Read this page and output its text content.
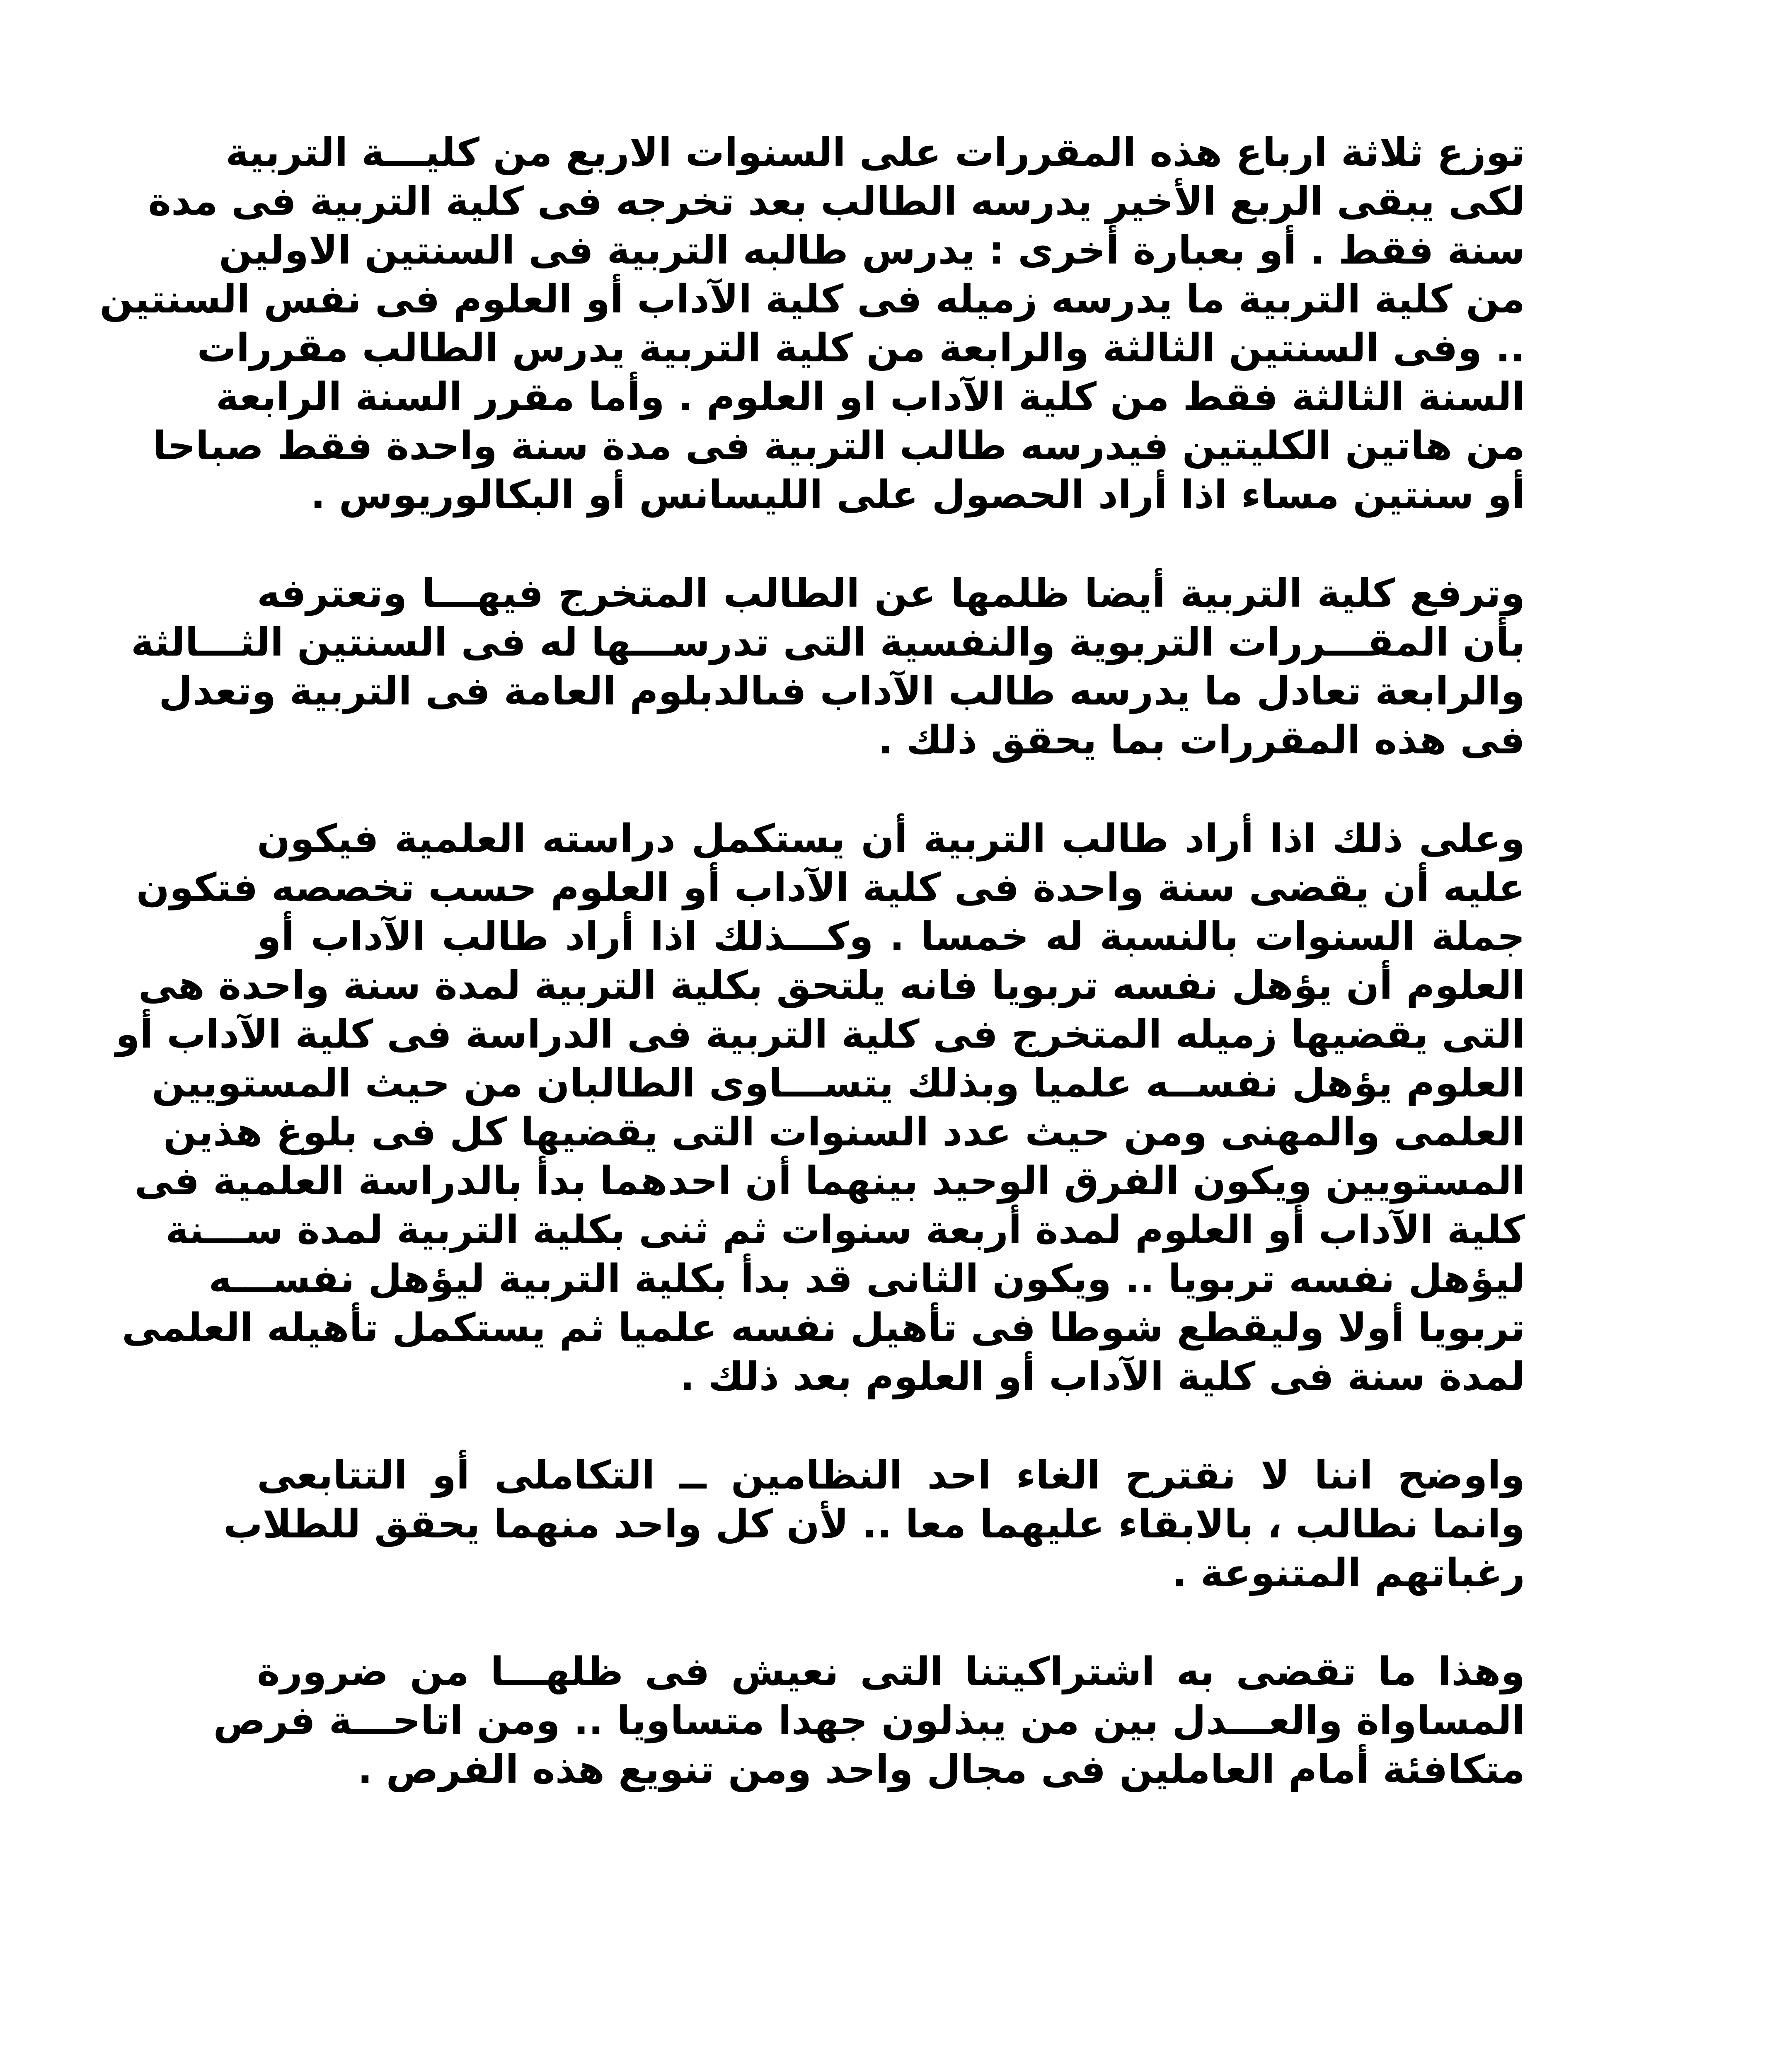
توزع ثلاثة ارباع هذه المقررات على السنوات الاربع من كليـــة التربية
لكى يبقى الربع الأخير يدرسه الطالب بعد تخرجه فى كلية التربية فى مدة
سنة فقط . أو بعبارة أخرى : يدرس طالبه التربية فى السنتين الاولين
من كلية التربية ما يدرسه زميله فى كلية الآداب أو العلوم فى نفس السنتين
.. وفى السنتين الثالثة والرابعة من كلية التربية يدرس الطالب مقررات
السنة الثالثة فقط من كلية الآداب او العلوم . وأما مقرر السنة الرابعة
من هاتين الكليتين فيدرسه طالب التربية فى مدة سنة واحدة فقط صباحا
أو سنتين مساء اذا أراد الحصول على الليسانس أو البكالوريوس .

وترفع كلية التربية أيضا ظلمها عن الطالب المتخرج فيهـــا وتعترفه
بأن المقـــررات التربوية والنفسية التى تدرســـها له فى السنتين الثـــالثة
والرابعة تعادل ما يدرسه طالب الآداب فىالدبلوم العامة فى التربية وتعدل
فى هذه المقررات بما يحقق ذلك .

وعلى ذلك اذا أراد طالب التربية أن يستكمل دراسته العلمية فيكون
عليه أن يقضى سنة واحدة فى كلية الآداب أو العلوم حسب تخصصه فتكون
جملة السنوات بالنسبة له خمسا . وكـــذلك اذا أراد طالب الآداب أو
العلوم أن يؤهل نفسه تربويا فانه يلتحق بكلية التربية لمدة سنة واحدة هى
التى يقضيها زميله المتخرج فى كلية التربية فى الدراسة فى كلية الآداب أو
العلوم يؤهل نفســه علميا وبذلك يتســـاوى الطالبان من حيث المستويين
العلمى والمهنى ومن حيث عدد السنوات التى يقضيها كل فى بلوغ هذين
المستويين ويكون الفرق الوحيد بينهما أن احدهما بدأ بالدراسة العلمية فى
كلية الآداب أو العلوم لمدة أربعة سنوات ثم ثنى بكلية التربية لمدة ســـنة
ليؤهل نفسه تربويا .. ويكون الثانى قد بدأ بكلية التربية ليؤهل نفســـه
تربويا أولا وليقطع شوطا فى تأهيل نفسه علميا ثم يستكمل تأهيله العلمى
لمدة سنة فى كلية الآداب أو العلوم بعد ذلك .

واوضح اننا لا نقترح الغاء احد النظامين ــ التكاملى أو التتابعى
وانما نطالب ، بالابقاء عليهما معا .. لأن كل واحد منهما يحقق للطلاب
رغباتهم المتنوعة .

وهذا ما تقضى به اشتراكيتنا التى نعيش فى ظلهـــا من ضرورة
المساواة والعـــدل بين من يبذلون جهدا متساويا .. ومن اتاحـــة فرص
متكافئة أمام العاملين فى مجال واحد ومن تنويع هذه الفرص .
